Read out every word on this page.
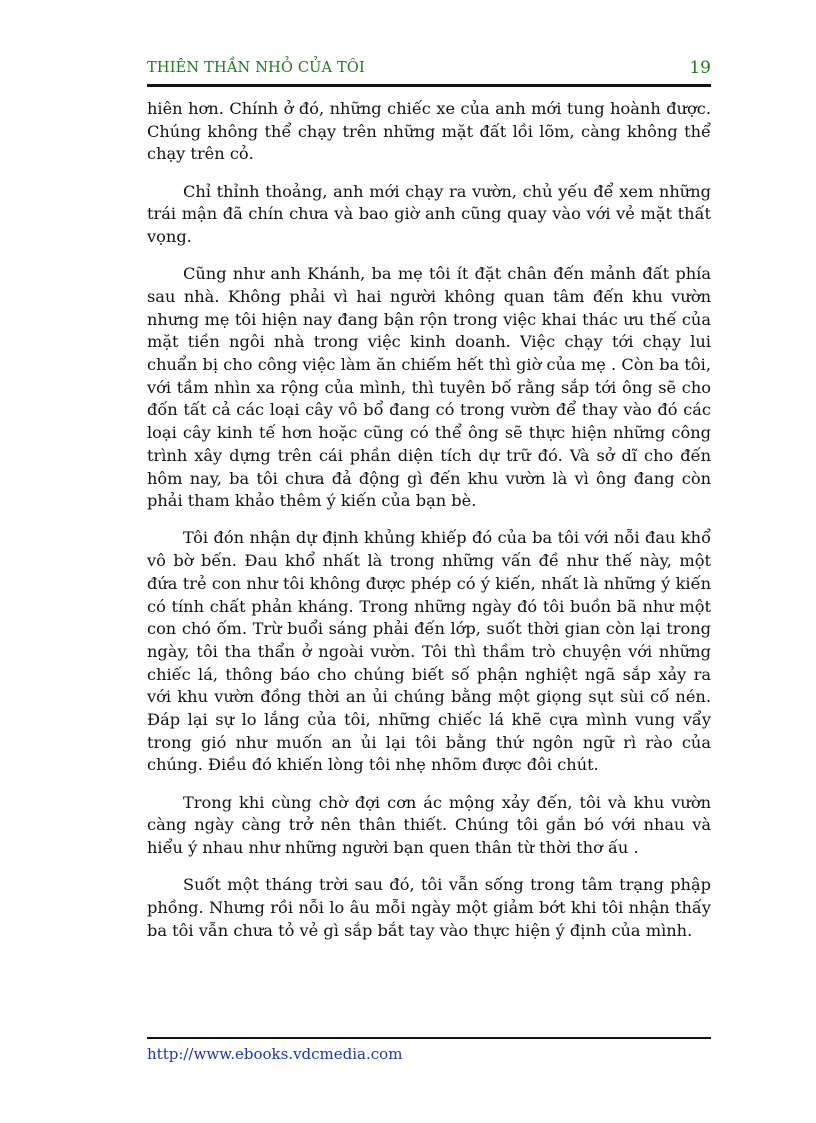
THIÊN THẦN NHỎ CỦA TÔI	19

hiên hơn. Chính ở đó, những chiếc xe của anh mới tung hoành được. Chúng không thể chạy trên những mặt đất lồi lõm, càng không thể chạy trên cỏ.

Chỉ thỉnh thoảng, anh mới chạy ra vườn, chủ yếu để xem những trái mận đã chín chưa và bao giờ anh cũng quay vào với vẻ mặt thất vọng.

Cũng như anh Khánh, ba mẹ tôi ít đặt chân đến mảnh đất phía sau nhà. Không phải vì hai người không quan tâm đến khu vườn nhưng mẹ tôi hiện nay đang bận rộn trong việc khai thác ưu thế của mặt tiền ngôi nhà trong việc kinh doanh. Việc chạy tới chạy lui chuẩn bị cho công việc làm ăn chiếm hết thì giờ của mẹ . Còn ba tôi, với tầm nhìn xa rộng của mình, thì tuyên bố rằng sắp tới ông sẽ cho đốn tất cả các loại cây vô bổ đang có trong vườn để thay vào đó các loại cây kinh tế hơn hoặc cũng có thể ông sẽ thực hiện những công trình xây dựng trên cái phần diện tích dự trữ đó. Và sở dĩ cho đến hôm nay, ba tôi chưa đả động gì đến khu vườn là vì ông đang còn phải tham khảo thêm ý kiến của bạn bè.

Tôi đón nhận dự định khủng khiếp đó của ba tôi với nỗi đau khổ vô bờ bến. Đau khổ nhất là trong những vấn đề như thế này, một đứa trẻ con như tôi không được phép có ý kiến, nhất là những ý kiến có tính chất phản kháng. Trong những ngày đó tôi buồn bã như một con chó ốm. Trừ buổi sáng phải đến lớp, suốt thời gian còn lại trong ngày, tôi tha thẩn ở ngoài vườn. Tôi thì thầm trò chuyện với những chiếc lá, thông báo cho chúng biết số phận nghiệt ngã sắp xảy ra với khu vườn đồng thời an ủi chúng bằng một giọng sụt sùi cố nén. Đáp lại sự lo lắng của tôi, những chiếc lá khẽ cựa mình vung vẩy trong gió như muốn an ủi lại tôi bằng thứ ngôn ngữ rì rào của chúng. Điều đó khiến lòng tôi nhẹ nhõm được đôi chút.

Trong khi cùng chờ đợi cơn ác mộng xảy đến, tôi và khu vườn càng ngày càng trở nên thân thiết. Chúng tôi gắn bó với nhau và hiểu ý nhau như những người bạn quen thân từ thời thơ ấu .

Suốt một tháng trời sau đó, tôi vẫn sống trong tâm trạng phập phồng. Nhưng rồi nỗi lo âu mỗi ngày một giảm bớt khi tôi nhận thấy ba tôi vẫn chưa tỏ vẻ gì sắp bắt tay vào thực hiện ý định của mình.

http://www.ebooks.vdcmedia.com
